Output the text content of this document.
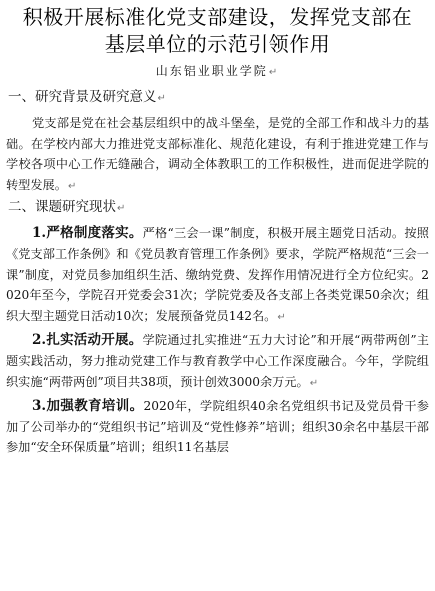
积极开展标准化党支部建设，发挥党支部在
基层单位的示范引领作用
山东铝业职业学院↵
一、研究背景及研究意义↵

党支部是党在社会基层组织中的战斗堡垒，是党的全部工作和战斗力的基础。在学校内部大力推进党支部标准化、规范化建设，有利于推进党建工作与学校各项中心工作无缝融合，调动全体教职工的工作积极性，进而促进学院的转型发展。↵

二、课题研究现状↵

1.严格制度落实。严格“三会一课”制度，积极开展主题党日活动。按照《党支部工作条例》和《党员教育管理工作条例》要求，学院严格规范“三会一课”制度，对党员参加组织生活、缴纳党费、发挥作用情况进行全方位纪实。2020年至今，学院召开党委会31次；学院党委及各支部上各类党课50余次；组织大型主题党日活动10次；发展预备党员142名。↵

2.扎实活动开展。学院通过扎实推进“五力大讨论”和开展“两带两创”主题实践活动，努力推动党建工作与教育教学中心工作深度融合。今年，学院组织实施“两带两创”项目共38项，预计创效3000余万元。↵

3.加强教育培训。2020年，学院组织40余名党组织书记及党员骨干参加了公司举办的“党组织书记”培训及“党性修养”培训；组织30余名中基层干部参加“安全环保质量”培训；组织11名基层
